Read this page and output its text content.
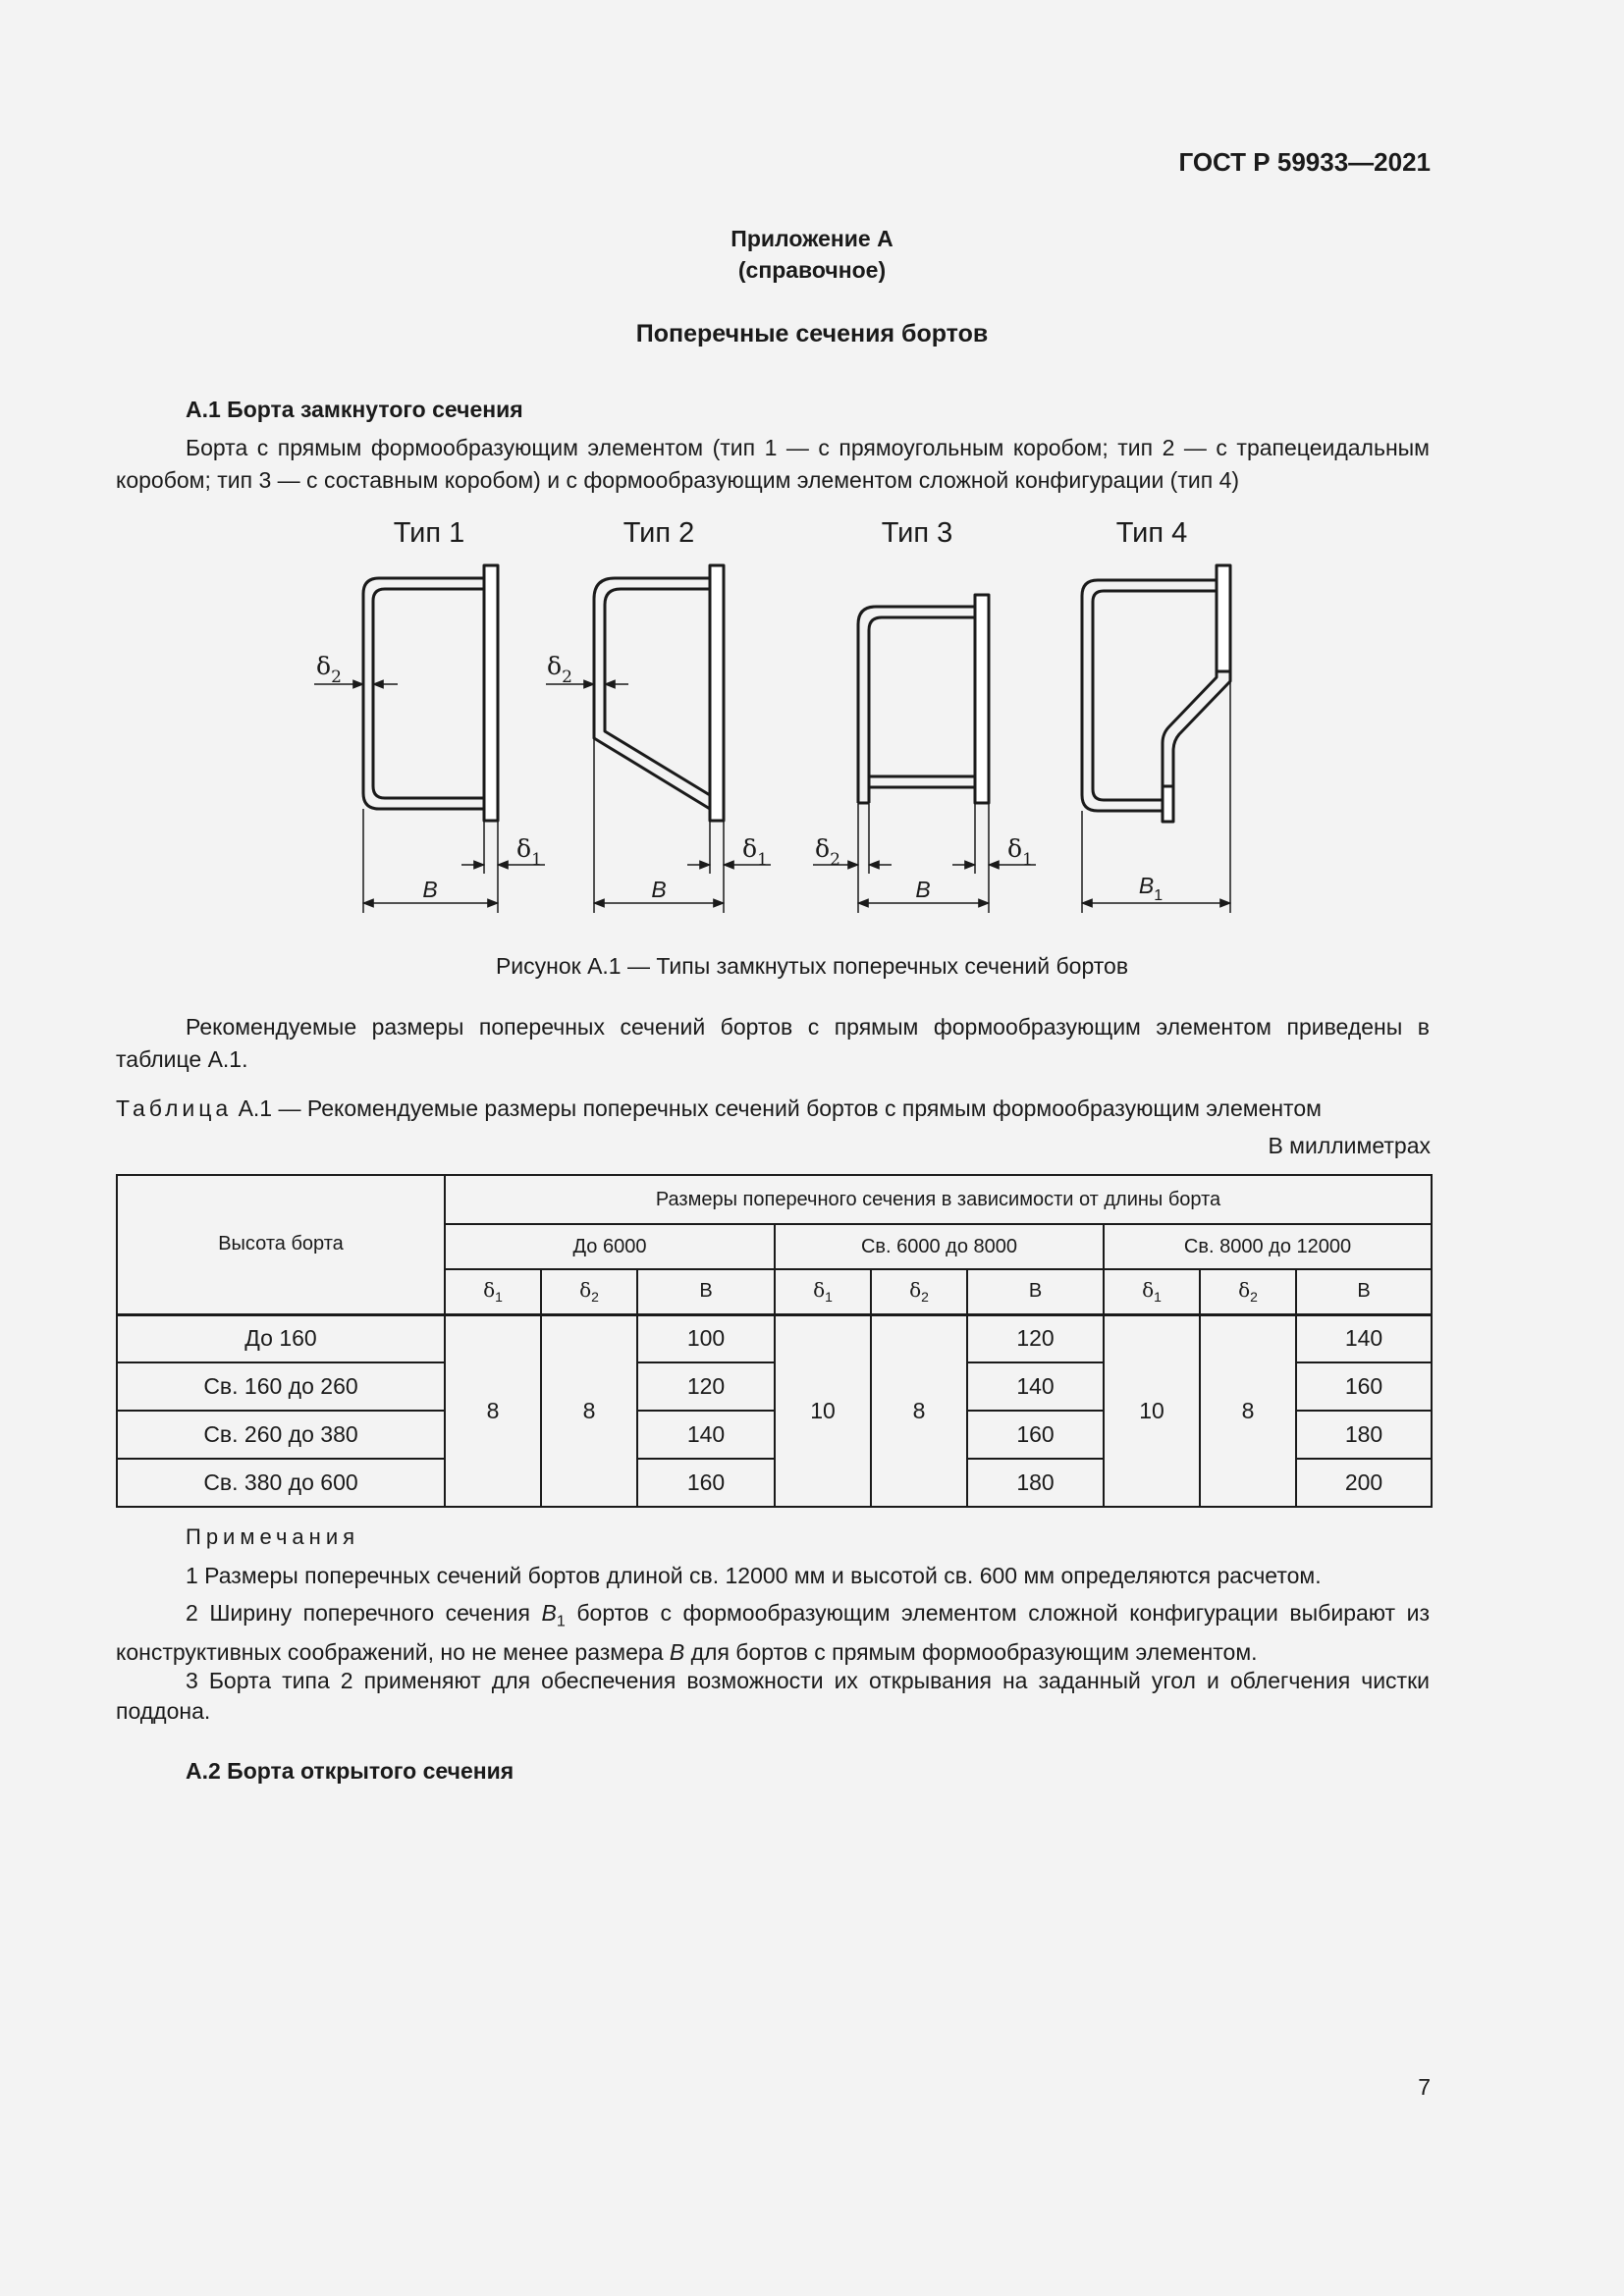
ГОСТ Р 59933—2021
Приложение А
(справочное)
Поперечные сечения бортов
А.1 Борта замкнутого сечения
Борта с прямым формообразующим элементом (тип 1 — с прямоугольным коробом; тип 2 — с трапецеидальным коробом; тип 3 — с составным коробом) и с формообразующим элементом сложной конфигурации (тип 4)
Тип 1	Тип 2	Тип 3	Тип 4
$\delta_2$
$\delta_1$
B
$\delta_2$
$\delta_1$
B
$\delta_2$	$\delta_1$
B	$B_1$
Рисунок А.1 — Типы замкнутых поперечных сечений бортов
Рекомендуемые размеры поперечных сечений бортов с прямым формообразующим элементом приведены в таблице А.1.
Таблица А.1 — Рекомендуемые размеры поперечных сечений бортов с прямым формообразующим элементом
В миллиметрах
Высота борта	Размеры поперечного сечения в зависимости от длины борта								
	До 6000			Св. 6000 до 8000			Св. 8000 до 12000		
	$\delta_1$	$\delta_2$	B	$\delta_1$	$\delta_2$	B	$\delta_1$	$\delta_2$	B
До 160	8	8	100	10	8	120	10	8	140
Св. 160 до 260			120			140			160
Св. 260 до 380			140			160			180
Св. 380 до 600			160			180			200
Примечания
1 Размеры поперечных сечений бортов длиной св. 12000 мм и высотой св. 600 мм определяются расчетом.
2 Ширину поперечного сечения $B_1$ бортов с формообразующим элементом сложной конфигурации выбирают из конструктивных соображений, но не менее размера B для бортов с прямым формообразующим элементом.
3 Борта типа 2 применяют для обеспечения возможности их открывания на заданный угол и облегчения чистки поддона.
А.2 Борта открытого сечения
7
